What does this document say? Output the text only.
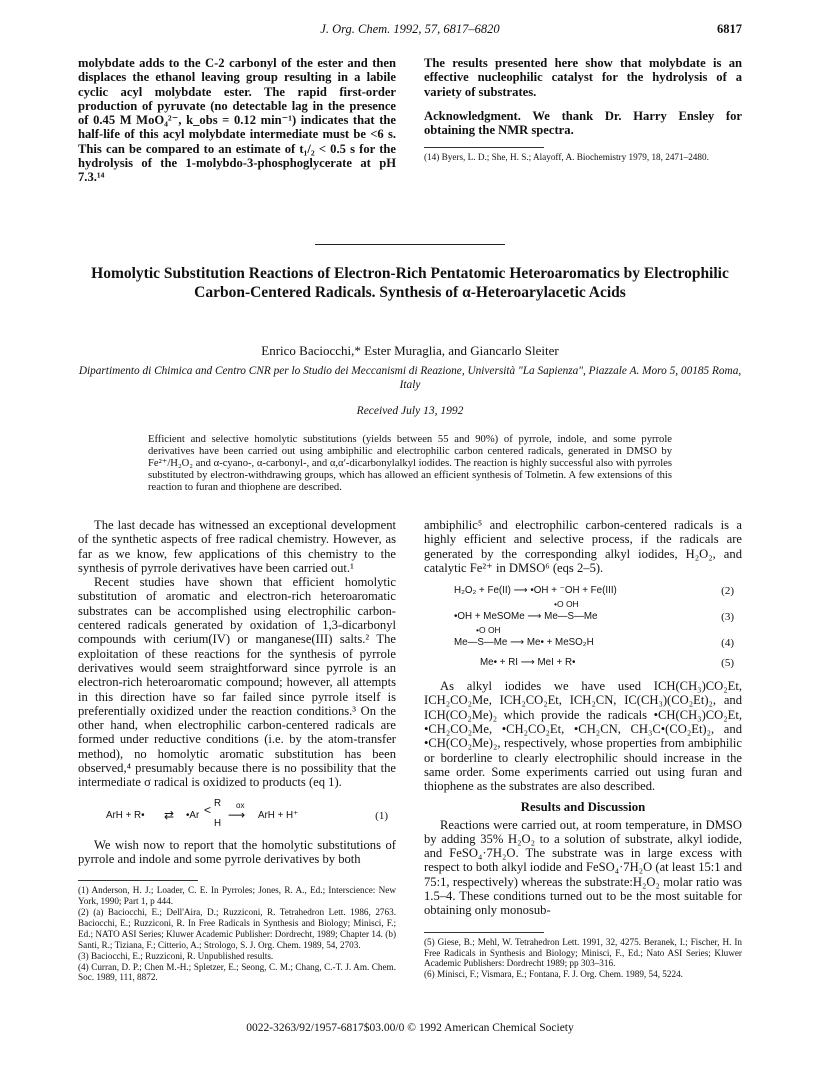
J. Org. Chem. 1992, 57, 6817–6820	6817

molybdate adds to the C-2 carbonyl of the ester and then displaces the ethanol leaving group resulting in a labile cyclic acyl molybdate ester. The rapid first-order production of pyruvate (no detectable lag in the presence of 0.45 M MoO₄²⁻, k_obs = 0.12 min⁻¹) indicates that the half-life of this acyl molybdate intermediate must be <6 s. This can be compared to an estimate of t₁/₂ < 0.5 s for the hydrolysis of the 1-molybdo-3-phosphoglycerate at pH 7.3.¹⁴

The results presented here show that molybdate is an effective nucleophilic catalyst for the hydrolysis of a variety of substrates.

Acknowledgment. We thank Dr. Harry Ensley for obtaining the NMR spectra.

(14) Byers, L. D.; She, H. S.; Alayoff, A. Biochemistry 1979, 18, 2471–2480.

Homolytic Substitution Reactions of Electron-Rich Pentatomic Heteroaromatics by Electrophilic Carbon-Centered Radicals. Synthesis of α-Heteroarylacetic Acids
Enrico Baciocchi,* Ester Muraglia, and Giancarlo Sleiter
Dipartimento di Chimica and Centro CNR per lo Studio dei Meccanismi di Reazione, Università "La Sapienza", Piazzale A. Moro 5, 00185 Roma, Italy
Received July 13, 1992
Efficient and selective homolytic substitutions (yields between 55 and 90%) of pyrrole, indole, and some pyrrole derivatives have been carried out using ambiphilic and electrophilic carbon centered radicals, generated in DMSO by Fe²⁺/H₂O₂ and α-cyano-, α-carbonyl-, and α,α′-dicarbonylalkyl iodides. The reaction is highly successful also with pyrroles substituted by electron-withdrawing groups, which has allowed an efficient synthesis of Tolmetin. A few extensions of this reaction to furan and thiophene are described.

The last decade has witnessed an exceptional development of the synthetic aspects of free radical chemistry. However, as far as we know, few applications of this chemistry to the synthesis of pyrrole derivatives have been carried out.¹

Recent studies have shown that efficient homolytic substitution of aromatic and electron-rich heteroaromatic substrates can be accomplished using electrophilic carbon-centered radicals generated by oxidation of 1,3-dicarbonyl compounds with cerium(IV) or manganese(III) salts.² The exploitation of these reactions for the synthesis of pyrrole derivatives would seem straightforward since pyrrole is an electron-rich heteroaromatic compound; however, all attempts in this direction have so far failed since pyrrole itself is preferentially oxidized under the reaction conditions.³ On the other hand, when electrophilic carbon-centered radicals are formed under reductive conditions (i.e. by the atom-transfer method), no homolytic aromatic substitution has been observed,⁴ presumably because there is no possibility that the intermediate σ radical is oxidized to products (eq 1).

ArH + R• ⇄ •Ar < R
H
ox
⟶ ArH + H⁺	(1)

We wish now to report that the homolytic substitutions of pyrrole and indole and some pyrrole derivatives by both

(1) Anderson, H. J.; Loader, C. E. In Pyrroles; Jones, R. A., Ed.; Interscience: New York, 1990; Part 1, p 444.

(2) (a) Baciocchi, E.; Dell'Aira, D.; Ruzziconi, R. Tetrahedron Lett. 1986, 2763. Baciocchi, E.; Ruzziconi, R. In Free Radicals in Synthesis and Biology; Minisci, F.; Ed.; NATO ASI Series; Kluwer Academic Publisher: Dordrecht, 1989; Chapter 14. (b) Santi, R.; Tiziana, F.; Citterio, A.; Strologo, S. J. Org. Chem. 1989, 54, 2703.

(3) Baciocchi, E.; Ruzziconi, R. Unpublished results.

(4) Curran, D. P.; Chen M.-H.; Spletzer, E.; Seong, C. M.; Chang, C.-T. J. Am. Chem. Soc. 1989, 111, 8872.

ambiphilic⁵ and electrophilic carbon-centered radicals is a highly efficient and selective process, if the radicals are generated by the corresponding alkyl iodides, H₂O₂, and catalytic Fe²⁺ in DMSO⁶ (eqs 2–5).

H₂O₂ + Fe(II) ⟶ •OH + ⁻OH + Fe(III)	(2)
•O OH
•OH + MeSOMe ⟶ Me—S—Me	(3)
•O OH
Me—S—Me ⟶ Me• + MeSO₂H	(4)
Me• + RI ⟶ MeI + R•	(5)

As alkyl iodides we have used ICH(CH₃)CO₂Et, ICH₂CO₂Me, ICH₂CO₂Et, ICH₂CN, IC(CH₃)(CO₂Et)₂, and ICH(CO₂Me)₂ which provide the radicals •CH(CH₃)CO₂Et, •CH₂CO₂Me, •CH₂CO₂Et, •CH₂CN, CH₃C•(CO₂Et)₂, and •CH(CO₂Me)₂, respectively, whose properties from ambiphilic or borderline to clearly electrophilic should increase in the same order. Some experiments carried out using furan and thiophene as the substrates are also described.

Results and Discussion

Reactions were carried out, at room temperature, in DMSO by adding 35% H₂O₂ to a solution of substrate, alkyl iodide, and FeSO₄·7H₂O. The substrate was in large excess with respect to both alkyl iodide and FeSO₄·7H₂O (at least 15:1 and 75:1, respectively) whereas the substrate:H₂O₂ molar ratio was 1.5–4. These conditions turned out to be the most suitable for obtaining only monosub-

(5) Giese, B.; Mehl, W. Tetrahedron Lett. 1991, 32, 4275. Beranek, I.; Fischer, H. In Free Radicals in Synthesis and Biology; Minisci, F., Ed.; Nato ASI Series; Kluwer Academic Publishers: Dordrecht 1989; pp 303–316.

(6) Minisci, F.; Vismara, E.; Fontana, F. J. Org. Chem. 1989, 54, 5224.

0022-3263/92/1957-6817$03.00/0 © 1992 American Chemical Society
